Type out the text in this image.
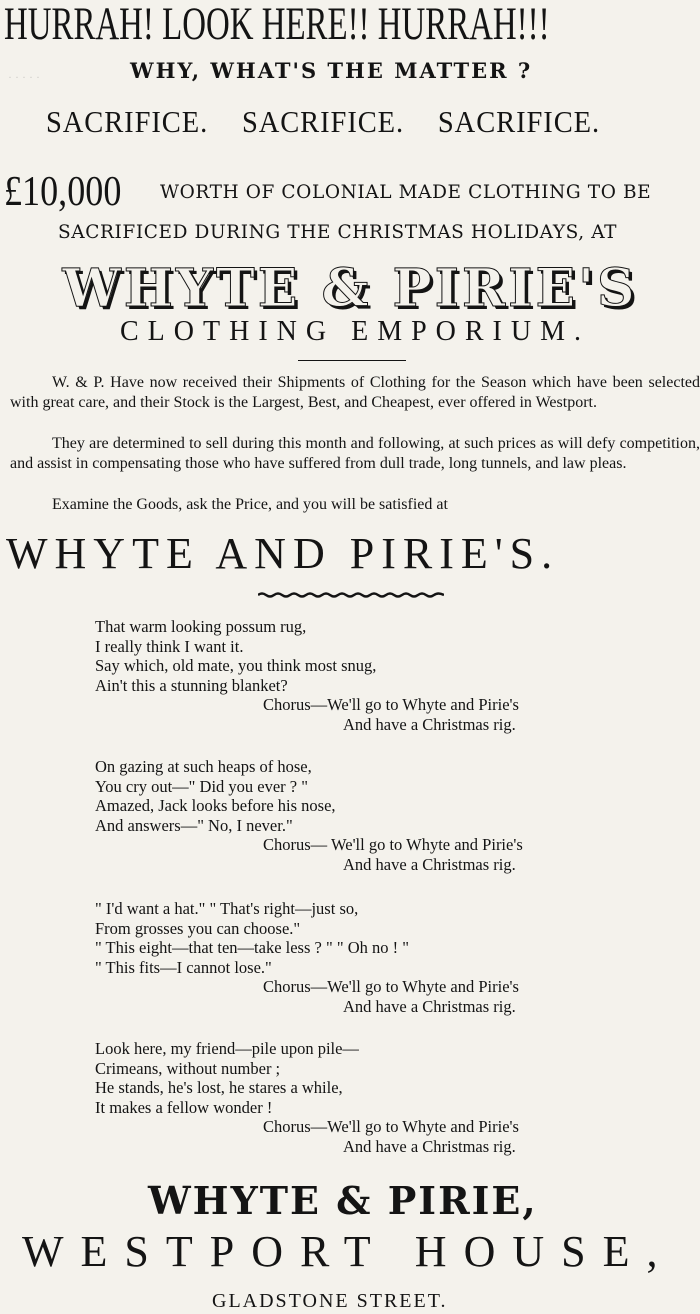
· · · · ·
HURRAH! LOOK HERE!! HURRAH!!!
WHY, WHAT'S THE MATTER ?
SACRIFICE. SACRIFICE. SACRIFICE.
£10,000 WORTH OF COLONIAL MADE CLOTHING TO BE
SACRIFICED DURING THE CHRISTMAS HOLIDAYS, AT
WHYTE & PIRIE'S
CLOTHING EMPORIUM.

W. & P. Have now received their Shipments of Clothing for the Season which have been selected with great care, and their Stock is the Largest, Best, and Cheapest, ever offered in Westport.

They are determined to sell during this month and following, at such prices as will defy competition, and assist in compensating those who have suffered from dull trade, long tunnels, and law pleas.

Examine the Goods, ask the Price, and you will be satisfied at

WHYTE AND PIRIE'S.
That warm looking possum rug,
I really think I want it.
Say which, old mate, you think most snug,
Ain't this a stunning blanket?
Chorus—We'll go to Whyte and Pirie's
And have a Christmas rig.
On gazing at such heaps of hose,
You cry out—" Did you ever ? "
Amazed, Jack looks before his nose,
And answers—" No, I never."
Chorus— We'll go to Whyte and Pirie's
And have a Christmas rig.
" I'd want a hat." " That's right—just so,
From grosses you can choose."
" This eight—that ten—take less ? " " Oh no ! "
" This fits—I cannot lose."
Chorus—We'll go to Whyte and Pirie's
And have a Christmas rig.
Look here, my friend—pile upon pile—
Crimeans, without number ;
He stands, he's lost, he stares a while,
It makes a fellow wonder !
Chorus—We'll go to Whyte and Pirie's
And have a Christmas rig.
WHYTE & PIRIE,
WESTPORT HOUSE,
GLADSTONE STREET.
